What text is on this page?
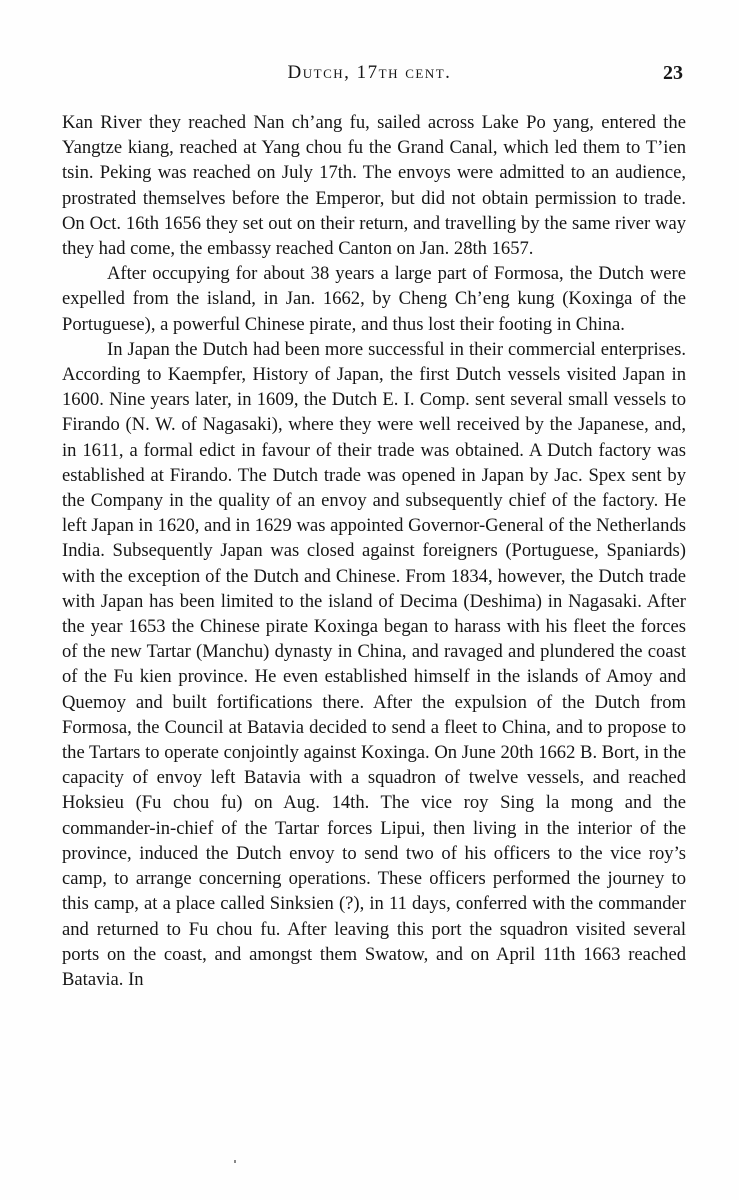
Dutch, 17th cent.	23

Kan River they reached Nan ch’ang fu, sailed across Lake Po yang, entered the Yangtze kiang, reached at Yang chou fu the Grand Canal, which led them to T’ien tsin. Peking was reached on July 17th. The envoys were admitted to an audience, prostrated themselves before the Emperor, but did not obtain permission to trade. On Oct. 16th 1656 they set out on their return, and travelling by the same river way they had come, the embassy reached Canton on Jan. 28th 1657.

After occupying for about 38 years a large part of Formosa, the Dutch were expelled from the island, in Jan. 1662, by Cheng Ch’eng kung (Koxinga of the Portuguese), a powerful Chinese pirate, and thus lost their footing in China.

In Japan the Dutch had been more successful in their commercial enterprises. According to Kaempfer, History of Japan, the first Dutch vessels visited Japan in 1600. Nine years later, in 1609, the Dutch E. I. Comp. sent several small vessels to Firando (N. W. of Nagasaki), where they were well received by the Japanese, and, in 1611, a formal edict in favour of their trade was obtained. A Dutch factory was established at Firando. The Dutch trade was opened in Japan by Jac. Spex sent by the Company in the quality of an envoy and subsequently chief of the factory. He left Japan in 1620, and in 1629 was appointed Governor-General of the Netherlands India. Subsequently Japan was closed against foreigners (Portuguese, Spaniards) with the exception of the Dutch and Chinese. From 1834, however, the Dutch trade with Japan has been limited to the island of Decima (Deshima) in Nagasaki. After the year 1653 the Chinese pirate Koxinga began to harass with his fleet the forces of the new Tartar (Manchu) dynasty in China, and ravaged and plundered the coast of the Fu kien province. He even established himself in the islands of Amoy and Quemoy and built fortifications there. After the expulsion of the Dutch from Formosa, the Council at Batavia decided to send a fleet to China, and to propose to the Tartars to operate conjointly against Koxinga. On June 20th 1662 B. Bort, in the capacity of envoy left Batavia with a squadron of twelve vessels, and reached Hoksieu (Fu chou fu) on Aug. 14th. The vice roy Sing la mong and the commander-in-chief of the Tartar forces Lipui, then living in the interior of the province, induced the Dutch envoy to send two of his officers to the vice roy’s camp, to arrange concerning operations. These officers performed the journey to this camp, at a place called Sinksien (?), in 11 days, conferred with the commander and returned to Fu chou fu. After leaving this port the squadron visited several ports on the coast, and amongst them Swatow, and on April 11th 1663 reached Batavia. In
